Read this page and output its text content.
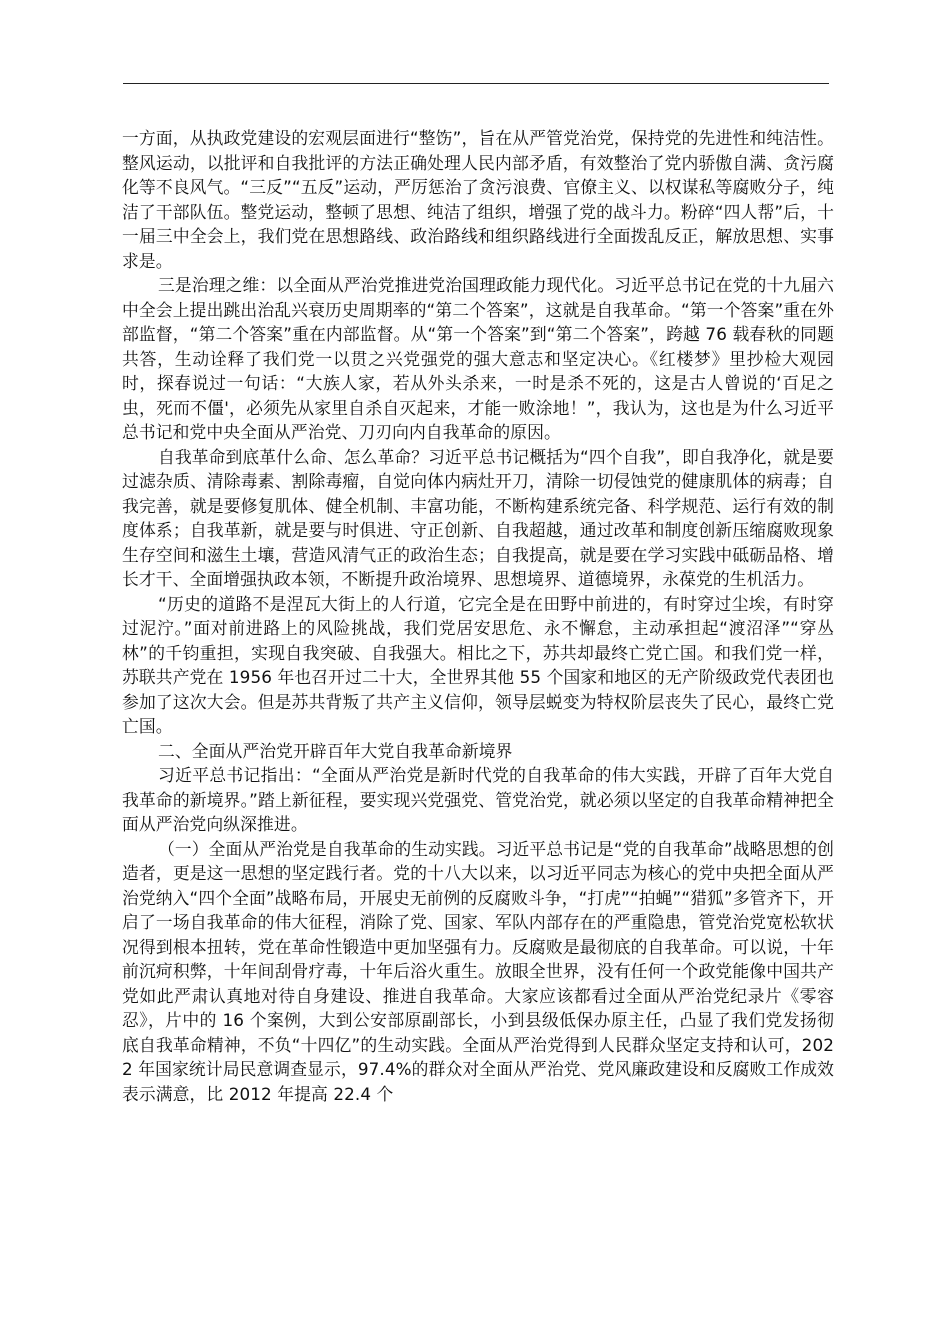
一方面，从执政党建设的宏观层面进行“整饬”，旨在从严管党治党，保持党的先进性和纯洁性。整风运动，以批评和自我批评的方法正确处理人民内部矛盾，有效整治了党内骄傲自满、贪污腐化等不良风气。“三反”“五反”运动，严厉惩治了贪污浪费、官僚主义、以权谋私等腐败分子，纯洁了干部队伍。整党运动，整顿了思想、纯洁了组织，增强了党的战斗力。粉碎“四人帮”后，十一届三中全会上，我们党在思想路线、政治路线和组织路线进行全面拨乱反正，解放思想、实事求是。

三是治理之维：以全面从严治党推进党治国理政能力现代化。习近平总书记在党的十九届六中全会上提出跳出治乱兴衰历史周期率的“第二个答案”，这就是自我革命。“第一个答案”重在外部监督，“第二个答案”重在内部监督。从“第一个答案”到“第二个答案”，跨越 76 载春秋的同题共答，生动诠释了我们党一以贯之兴党强党的强大意志和坚定决心。《红楼梦》里抄检大观园时，探春说过一句话：“大族人家，若从外头杀来，一时是杀不死的，这是古人曾说的‘百足之虫，死而不僵'，必须先从家里自杀自灭起来，才能一败涂地！”，我认为，这也是为什么习近平总书记和党中央全面从严治党、刀刃向内自我革命的原因。

自我革命到底革什么命、怎么革命？习近平总书记概括为“四个自我”，即自我净化，就是要过滤杂质、清除毒素、割除毒瘤，自觉向体内病灶开刀，清除一切侵蚀党的健康肌体的病毒；自我完善，就是要修复肌体、健全机制、丰富功能，不断构建系统完备、科学规范、运行有效的制度体系；自我革新，就是要与时俱进、守正创新、自我超越，通过改革和制度创新压缩腐败现象生存空间和滋生土壤，营造风清气正的政治生态；自我提高，就是要在学习实践中砥砺品格、增长才干、全面增强执政本领，不断提升政治境界、思想境界、道德境界，永葆党的生机活力。

“历史的道路不是涅瓦大街上的人行道，它完全是在田野中前进的，有时穿过尘埃，有时穿过泥泞。”面对前进路上的风险挑战，我们党居安思危、永不懈怠，主动承担起“渡沼泽”“穿丛林”的千钧重担，实现自我突破、自我强大。相比之下，苏共却最终亡党亡国。和我们党一样，苏联共产党在 1956 年也召开过二十大，全世界其他 55 个国家和地区的无产阶级政党代表团也参加了这次大会。但是苏共背叛了共产主义信仰，领导层蜕变为特权阶层丧失了民心，最终亡党亡国。

二、全面从严治党开辟百年大党自我革命新境界

习近平总书记指出：“全面从严治党是新时代党的自我革命的伟大实践，开辟了百年大党自我革命的新境界。”踏上新征程，要实现兴党强党、管党治党，就必须以坚定的自我革命精神把全面从严治党向纵深推进。

（一）全面从严治党是自我革命的生动实践。习近平总书记是“党的自我革命”战略思想的创造者，更是这一思想的坚定践行者。党的十八大以来，以习近平同志为核心的党中央把全面从严治党纳入“四个全面”战略布局，开展史无前例的反腐败斗争，“打虎”“拍蝇”“猎狐”多管齐下，开启了一场自我革命的伟大征程，消除了党、国家、军队内部存在的严重隐患，管党治党宽松软状况得到根本扭转，党在革命性锻造中更加坚强有力。反腐败是最彻底的自我革命。可以说，十年前沉疴积弊，十年间刮骨疗毒，十年后浴火重生。放眼全世界，没有任何一个政党能像中国共产党如此严肃认真地对待自身建设、推进自我革命。大家应该都看过全面从严治党纪录片《零容忍》，片中的 16 个案例，大到公安部原副部长，小到县级低保办原主任，凸显了我们党发扬彻底自我革命精神，不负“十四亿”的生动实践。全面从严治党得到人民群众坚定支持和认可，2022 年国家统计局民意调查显示，97.4%的群众对全面从严治党、党风廉政建设和反腐败工作成效表示满意，比 2012 年提高 22.4 个
